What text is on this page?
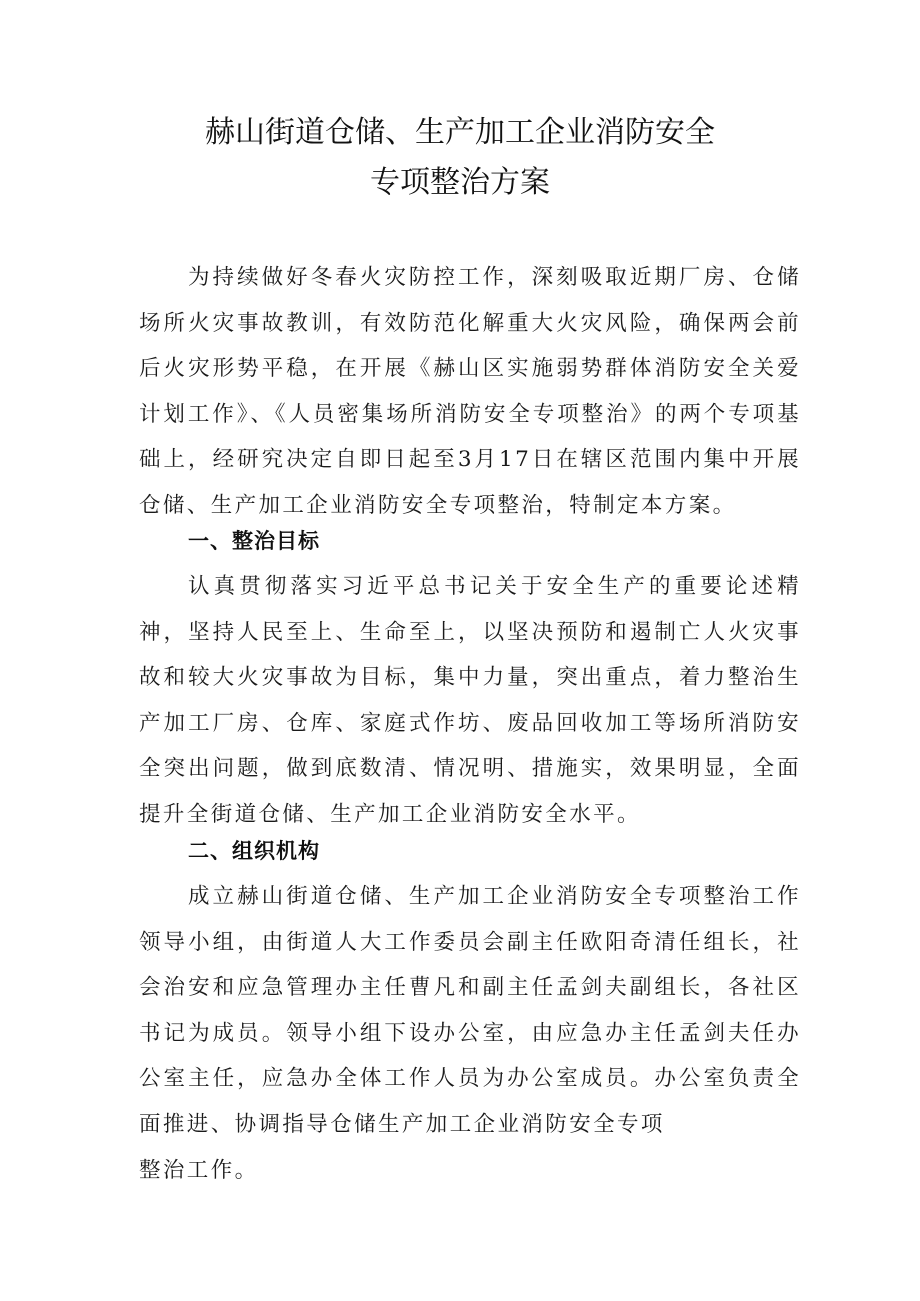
赫山街道仓储、生产加工企业消防安全
专项整治方案
为持续做好冬春火灾防控工作，深刻吸取近期厂房、仓储场所火灾事故教训，有效防范化解重大火灾风险，确保两会前后火灾形势平稳，在开展《赫山区实施弱势群体消防安全关爱计划工作》、《人员密集场所消防安全专项整治》的两个专项基础上，经研究决定自即日起至3月17日在辖区范围内集中开展仓储、生产加工企业消防安全专项整治，特制定本方案。
一、整治目标
认真贯彻落实习近平总书记关于安全生产的重要论述精神，坚持人民至上、生命至上，以坚决预防和遏制亡人火灾事故和较大火灾事故为目标，集中力量，突出重点，着力整治生产加工厂房、仓库、家庭式作坊、废品回收加工等场所消防安全突出问题，做到底数清、情况明、措施实，效果明显，全面提升全街道仓储、生产加工企业消防安全水平。
二、组织机构
成立赫山街道仓储、生产加工企业消防安全专项整治工作领导小组，由街道人大工作委员会副主任欧阳奇清任组长，社会治安和应急管理办主任曹凡和副主任孟剑夫副组长，各社区书记为成员。领导小组下设办公室，由应急办主任孟剑夫任办公室主任，应急办全体工作人员为办公室成员。办公室负责全面推进、协调指导仓储生产加工企业消防安全专项
整治工作。
